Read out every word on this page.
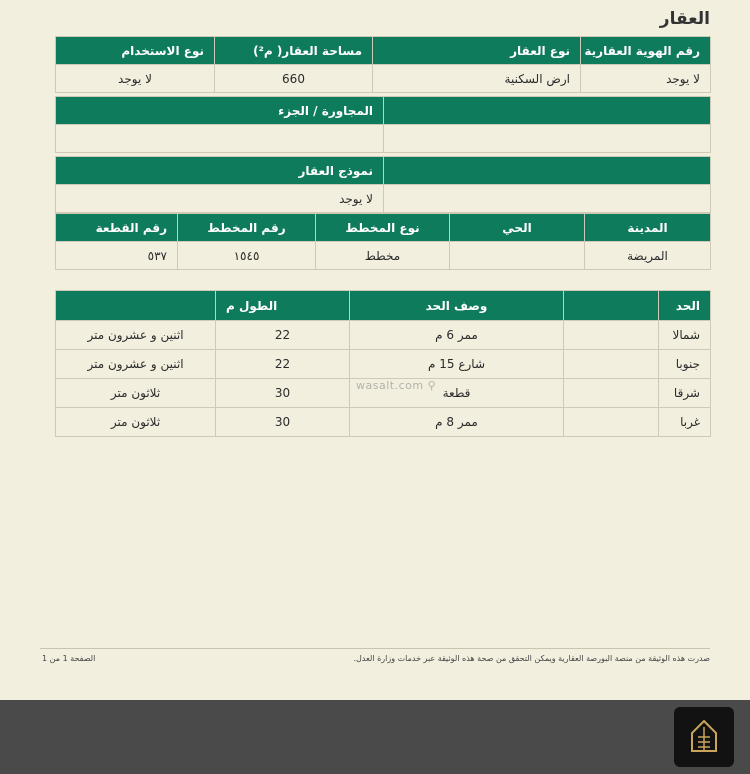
العقار
رقم الهوية العقارية	نوع العقار	مساحة العقار( م²)	نوع الاستخدام
لا يوجد	ارض السكنية	660	لا يوجد
	المجاورة / الجزء

	نموذج العقار
	لا يوجد
المدينة	الحي	نوع المخطط	رقم المخطط	رقم القطعة
المريضة		مخطط	١٥٤٥	٥٣٧
الحد		وصف الحد	الطول م	
شمالا		ممر 6 م	22	اثنين و عشرون متر
جنوبا		شارع 15 م	22	اثنين و عشرون متر
شرقا		قطعة	30	ثلاثون متر
غربا		ممر 8 م	30	ثلاثون متر
wasalt.com ⚲
صدرت هذه الوثيقة من منصة البورصة العقارية ويمكن التحقق من صحة هذه الوثيقة عبر خدمات وزارة العدل.
الصفحة 1 من 1
